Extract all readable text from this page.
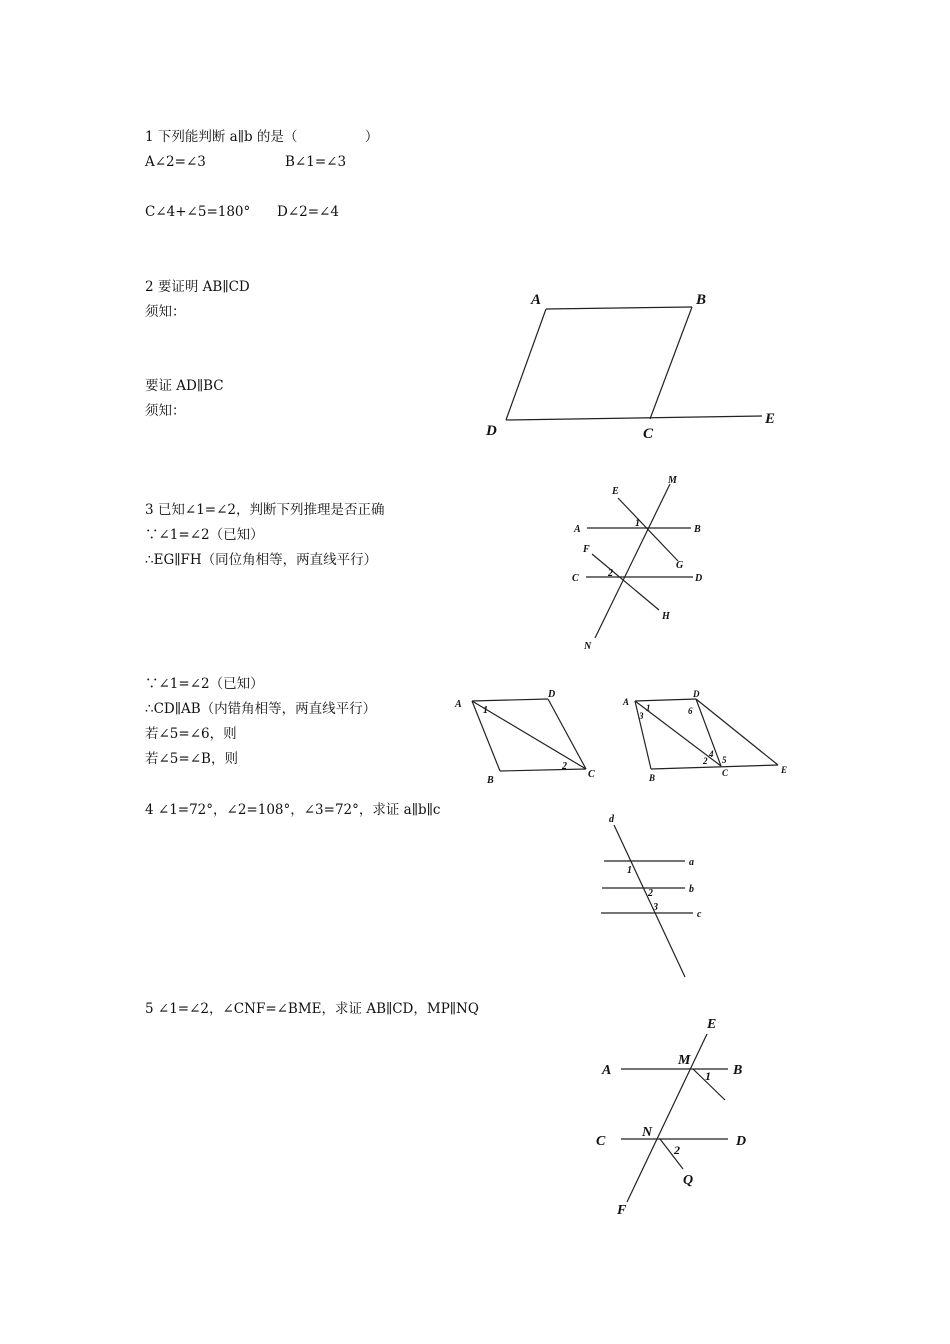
1 下列能判断 a∥b 的是（　　　　　）
A∠2=∠3	B∠1=∠3
C∠4+∠5=180° D∠2=∠4
2 要证明 AB∥CD
须知：
要证 AD∥BC
须知：
A	B
D	C
E
3 已知∠1=∠2，判断下列推理是否正确
∵∠1=∠2（已知）
∴EG∥FH（同位角相等，两直线平行）
∵∠1=∠2（已知）
∴CD∥AB（内错角相等，两直线平行）
若∠5=∠6，则
若∠5=∠B，则
E
M
A
1
B
F
G
C	2	D
H
N
A
D
1
2
B
C
A
D
1
3	6
4
2 5
B	C	E
4 ∠1=72°，∠2=108°，∠3=72°，求证 a∥b∥c
d
a
b
c
1
2
3
5 ∠1=∠2，∠CNF=∠BME，求证 AB∥CD，MP∥NQ
E
M
A	B
1
N
C	D
2
Q
F
